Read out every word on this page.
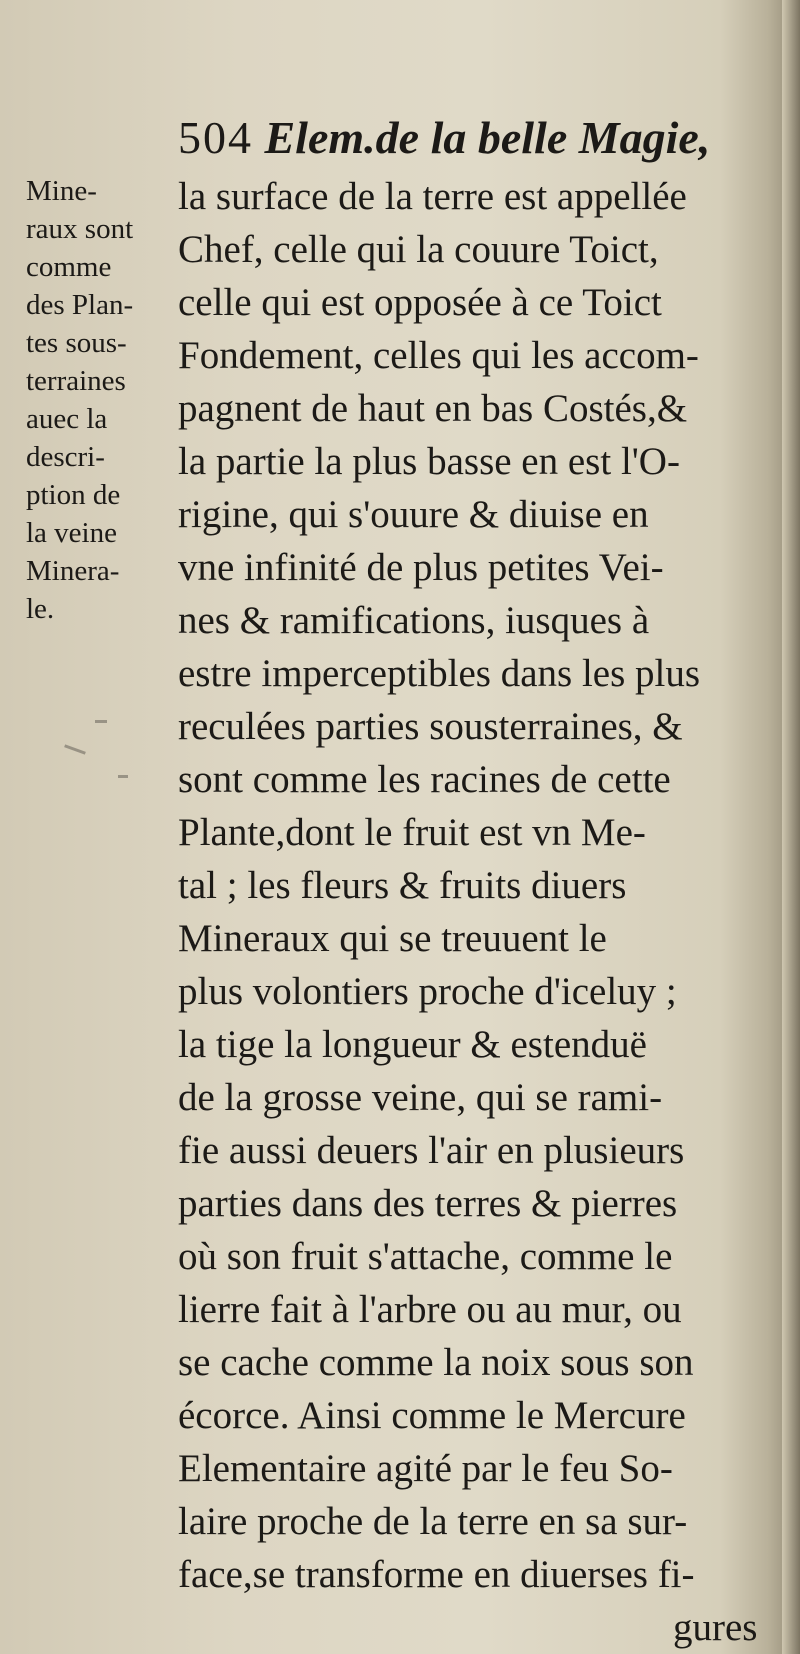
504 Elem.de la belle Magie,
Mine-
raux sont
comme
des Plan-
tes sous-
terraines
auec la
descri-
ption de
la veine
Minera-
le.
la surface de la terre est appellée
Chef, celle qui la couure Toict,
celle qui est opposée à ce Toict
Fondement, celles qui les accom-
pagnent de haut en bas Costés,&
la partie la plus basse en est l'O-
rigine, qui s'ouure & diuise en
vne infinité de plus petites Vei-
nes & ramifications, iusques à
estre imperceptibles dans les plus
reculées parties sousterraines, &
sont comme les racines de cette
Plante,dont le fruit est vn Me-
tal ; les fleurs & fruits diuers
Mineraux qui se treuuent le
plus volontiers proche d'iceluy ;
la tige la longueur & estenduë
de la grosse veine, qui se rami-
fie aussi deuers l'air en plusieurs
parties dans des terres & pierres
où son fruit s'attache, comme le
lierre fait à l'arbre ou au mur, ou
se cache comme la noix sous son
écorce. Ainsi comme le Mercure
Elementaire agité par le feu So-
laire proche de la terre en sa sur-
face,se transforme en diuerses fi-
gures
